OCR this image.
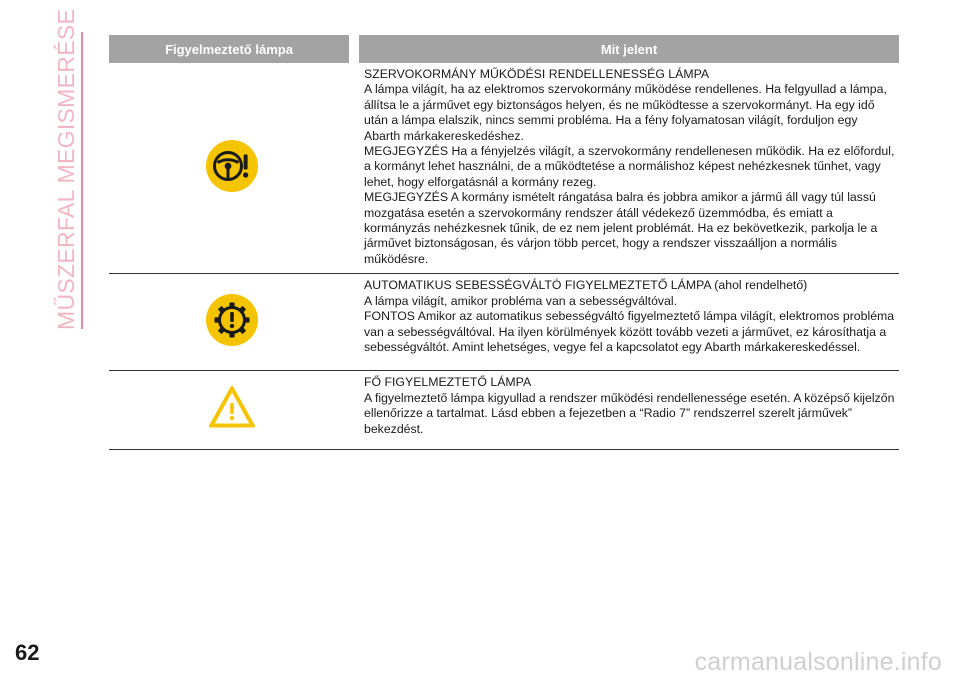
MŰSZERFAL MEGISMERÉSE	Figyelmeztető lámpa	Mit jelent

SZERVOKORMÁNY MŰKÖDÉSI RENDELLENESSÉG LÁMPA
A lámpa világít, ha az elektromos szervokormány működése rendellenes. Ha felgyullad a lámpa, állítsa le a járművet egy biztonságos helyen, és ne működtesse a szervokormányt. Ha egy idő után a lámpa elalszik, nincs semmi probléma. Ha a fény folyamatosan világít, forduljon egy Abarth márkakereskedéshez.
MEGJEGYZÉS Ha a fényjelzés világít, a szervokormány rendellenesen működik. Ha ez előfordul, a kormányt lehet használni, de a működtetése a normálishoz képest nehézkesnek tűnhet, vagy lehet, hogy elforgatásnál a kormány rezeg.
MEGJEGYZÉS A kormány ismételt rángatása balra és jobbra amikor a jármű áll vagy túl lassú mozgatása esetén a szervokormány rendszer átáll védekező üzemmódba, és emiatt a kormányzás nehézkesnek tűnik, de ez nem jelent problémát. Ha ez bekövetkezik, parkolja le a járművet biztonságosan, és várjon több percet, hogy a rendszer visszaálljon a normális működésre.

AUTOMATIKUS SEBESSÉGVÁLTÓ FIGYELMEZTETŐ LÁMPA (ahol rendelhető)
A lámpa világít, amikor probléma van a sebességváltóval.
FONTOS Amikor az automatikus sebességváltó figyelmeztető lámpa világít, elektromos probléma van a sebességváltóval. Ha ilyen körülmények között tovább vezeti a járművet, ez károsíthatja a sebességváltót. Amint lehetséges, vegye fel a kapcsolatot egy Abarth márkakereskedéssel.

FŐ FIGYELMEZTETŐ LÁMPA
A figyelmeztető lámpa kigyullad a rendszer működési rendellenessége esetén. A középső kijelzőn ellenőrizze a tartalmat. Lásd ebben a fejezetben a “Radio 7” rendszerrel szerelt járművek” bekezdést.
62	carmanualsonline.info
